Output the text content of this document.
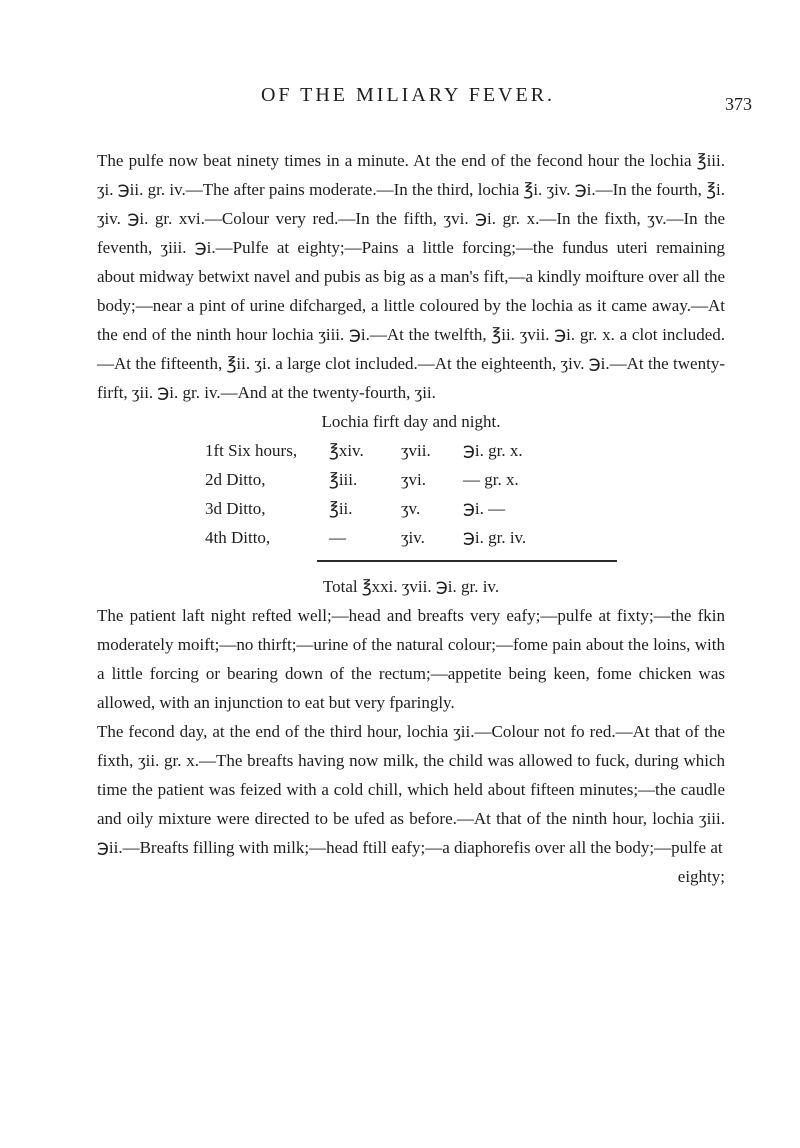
OF THE MILIARY FEVER.	373

The pulfe now beat ninety times in a minute. At the end of the fecond hour the lochia ℥iii. ʒi. ℈ii. gr. iv.—The after pains moderate.—In the third, lochia ℥i. ʒiv. ℈i.—In the fourth, ℥i. ʒiv. ℈i. gr. xvi.—Colour very red.—In the fifth, ʒvi. ℈i. gr. x.—In the fixth, ʒv.—In the feventh, ʒiii. ℈i.—Pulfe at eighty;—Pains a little forcing;—the fundus uteri remaining about midway betwixt navel and pubis as big as a man's fift,—a kindly moifture over all the body;—near a pint of urine difcharged, a little coloured by the lochia as it came away.—At the end of the ninth hour lochia ʒiii. ℈i.—At the twelfth, ℥ii. ʒvii. ℈i. gr. x. a clot included.—At the fifteenth, ℥ii. ʒi. a large clot included.—At the eighteenth, ʒiv. ℈i.—At the twenty-firft, ʒii. ℈i. gr. iv.—And at the twenty-fourth, ʒii.

Lochia firft day and night.

1ft Six hours,	℥xiv.	ʒvii.	℈i. gr. x.
2d Ditto,	℥iii.	ʒvi.	— gr. x.
3d Ditto,	℥ii.	ʒv.	℈i. —
4th Ditto,	—	ʒiv.	℈i. gr. iv.

Total ℥xxi. ʒvii. ℈i. gr. iv.

The patient laft night refted well;—head and breafts very eafy;—pulfe at fixty;—the fkin moderately moift;—no thirft;—urine of the natural colour;—fome pain about the loins, with a little forcing or bearing down of the rectum;—appetite being keen, fome chicken was allowed, with an injunction to eat but very fparingly.

The fecond day, at the end of the third hour, lochia ʒii.—Colour not fo red.—At that of the fixth, ʒii. gr. x.—The breafts having now milk, the child was allowed to fuck, during which time the patient was feized with a cold chill, which held about fifteen minutes;—the caudle and oily mixture were directed to be ufed as before.—At that of the ninth hour, lochia ʒiii. ℈ii.—Breafts filling with milk;—head ftill eafy;—a diaphorefis over all the body;—pulfe at

eighty;
